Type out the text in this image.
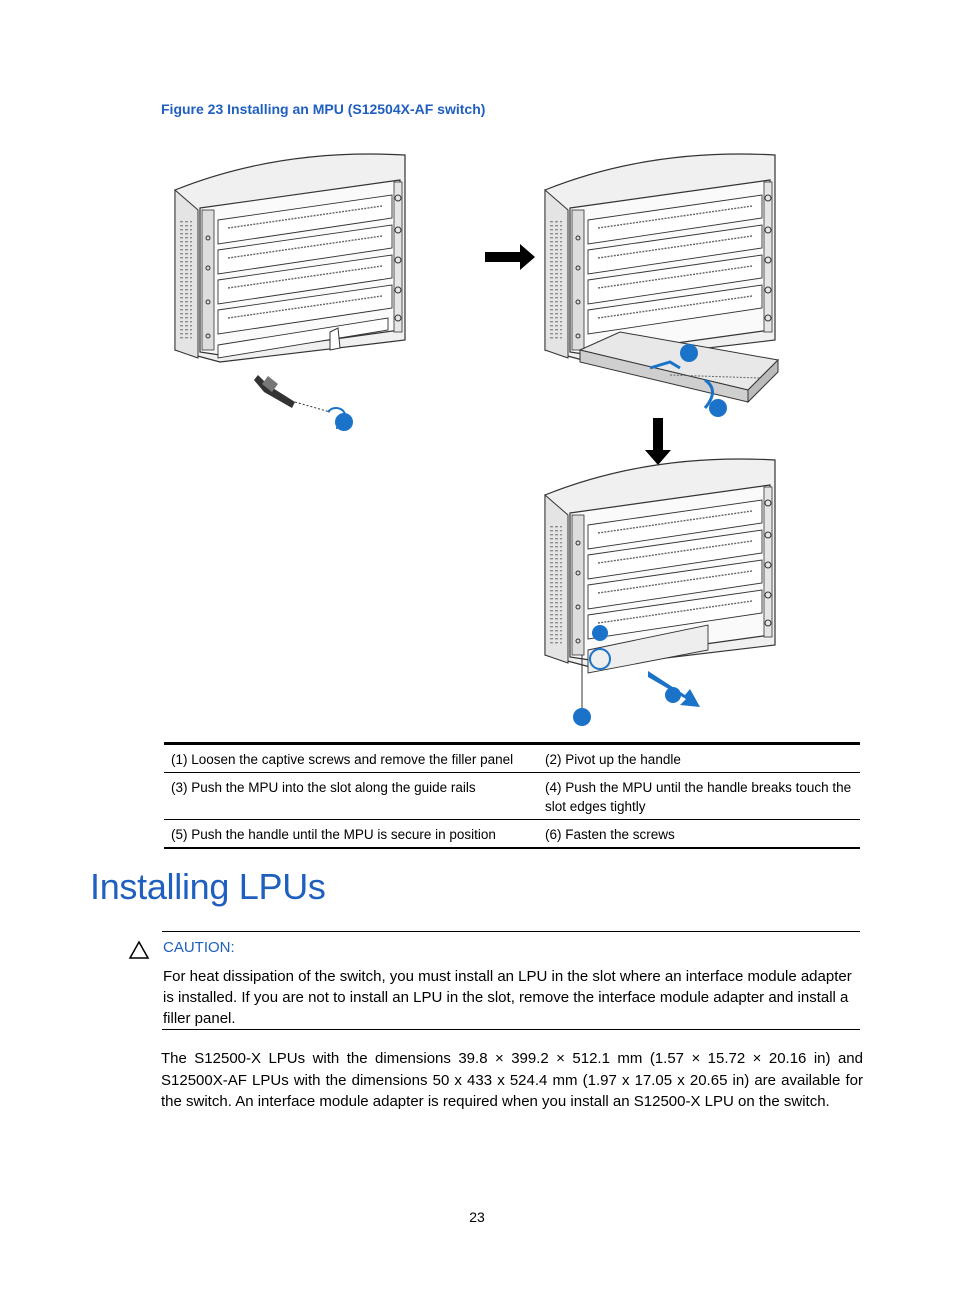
Figure 23 Installing an MPU (S12504X-AF switch)
(1) Loosen the captive screws and remove the filler panel	(2) Pivot up the handle
(3) Push the MPU into the slot along the guide rails	(4) Push the MPU until the handle breaks touch the slot edges tightly
(5) Push the handle until the MPU is secure in position	(6) Fasten the screws
Installing LPUs
CAUTION:
For heat dissipation of the switch, you must install an LPU in the slot where an interface module adapter is installed. If you are not to install an LPU in the slot, remove the interface module adapter and install a filler panel.
The S12500-X LPUs with the dimensions 39.8 × 399.2 × 512.1 mm (1.57 × 15.72 × 20.16 in) and S12500X-AF LPUs with the dimensions 50 x 433 x 524.4 mm (1.97 x 17.05 x 20.65 in) are available for the switch. An interface module adapter is required when you install an S12500-X LPU on the switch.
23
